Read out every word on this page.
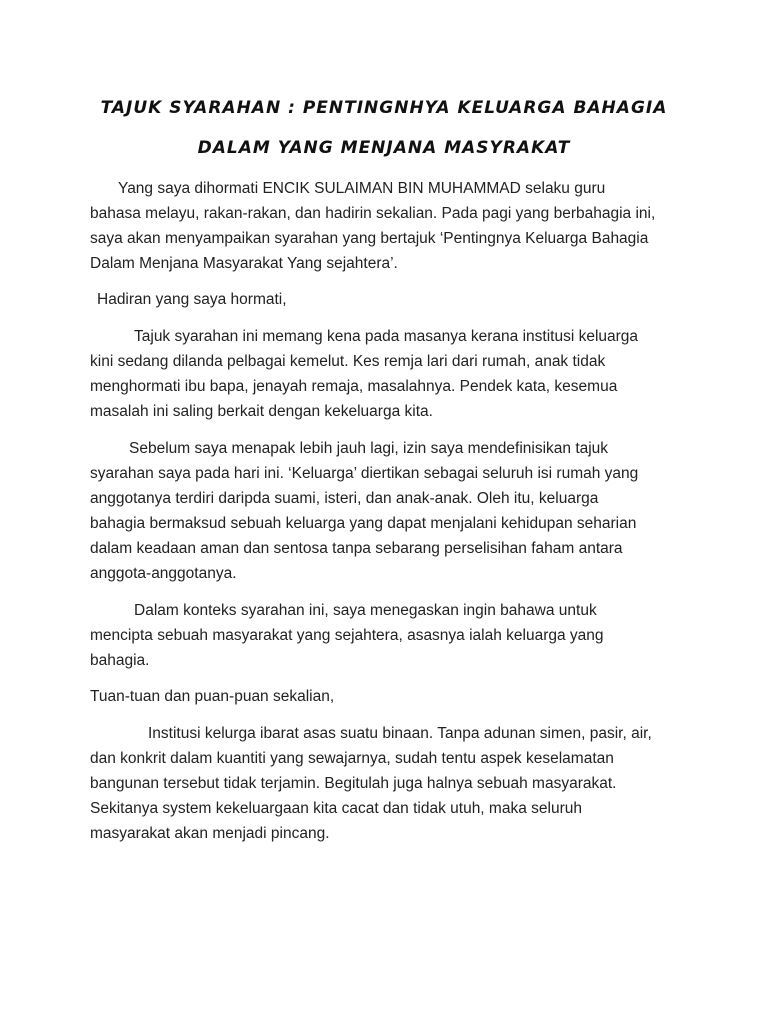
TAJUK SYARAHAN : PENTINGNHYA KELUARGA BAHAGIA
DALAM YANG MENJANA MASYRAKAT
Yang saya dihormati ENCIK SULAIMAN BIN MUHAMMAD selaku guru
bahasa melayu, rakan-rakan, dan hadirin sekalian. Pada pagi yang berbahagia ini,
saya akan menyampaikan syarahan yang bertajuk ‘Pentingnya Keluarga Bahagia
Dalam Menjana Masyarakat Yang sejahtera’.
Hadiran yang saya hormati,
Tajuk syarahan ini memang kena pada masanya kerana institusi keluarga
kini sedang dilanda pelbagai kemelut. Kes remja lari dari rumah, anak tidak
menghormati ibu bapa, jenayah remaja, masalahnya. Pendek kata, kesemua
masalah ini saling berkait dengan kekeluarga kita.
Sebelum saya menapak lebih jauh lagi, izin saya mendefinisikan tajuk
syarahan saya pada hari ini. ‘Keluarga’ diertikan sebagai seluruh isi rumah yang
anggotanya terdiri daripda suami, isteri, dan anak-anak. Oleh itu, keluarga
bahagia bermaksud sebuah keluarga yang dapat menjalani kehidupan seharian
dalam keadaan aman dan sentosa tanpa sebarang perselisihan faham antara
anggota-anggotanya.
Dalam konteks syarahan ini, saya menegaskan ingin bahawa untuk
mencipta sebuah masyarakat yang sejahtera, asasnya ialah keluarga yang
bahagia.
Tuan-tuan dan puan-puan sekalian,
Institusi kelurga ibarat asas suatu binaan. Tanpa adunan simen, pasir, air,
dan konkrit dalam kuantiti yang sewajarnya, sudah tentu aspek keselamatan
bangunan tersebut tidak terjamin. Begitulah juga halnya sebuah masyarakat.
Sekitanya system kekeluargaan kita cacat dan tidak utuh, maka seluruh
masyarakat akan menjadi pincang.
